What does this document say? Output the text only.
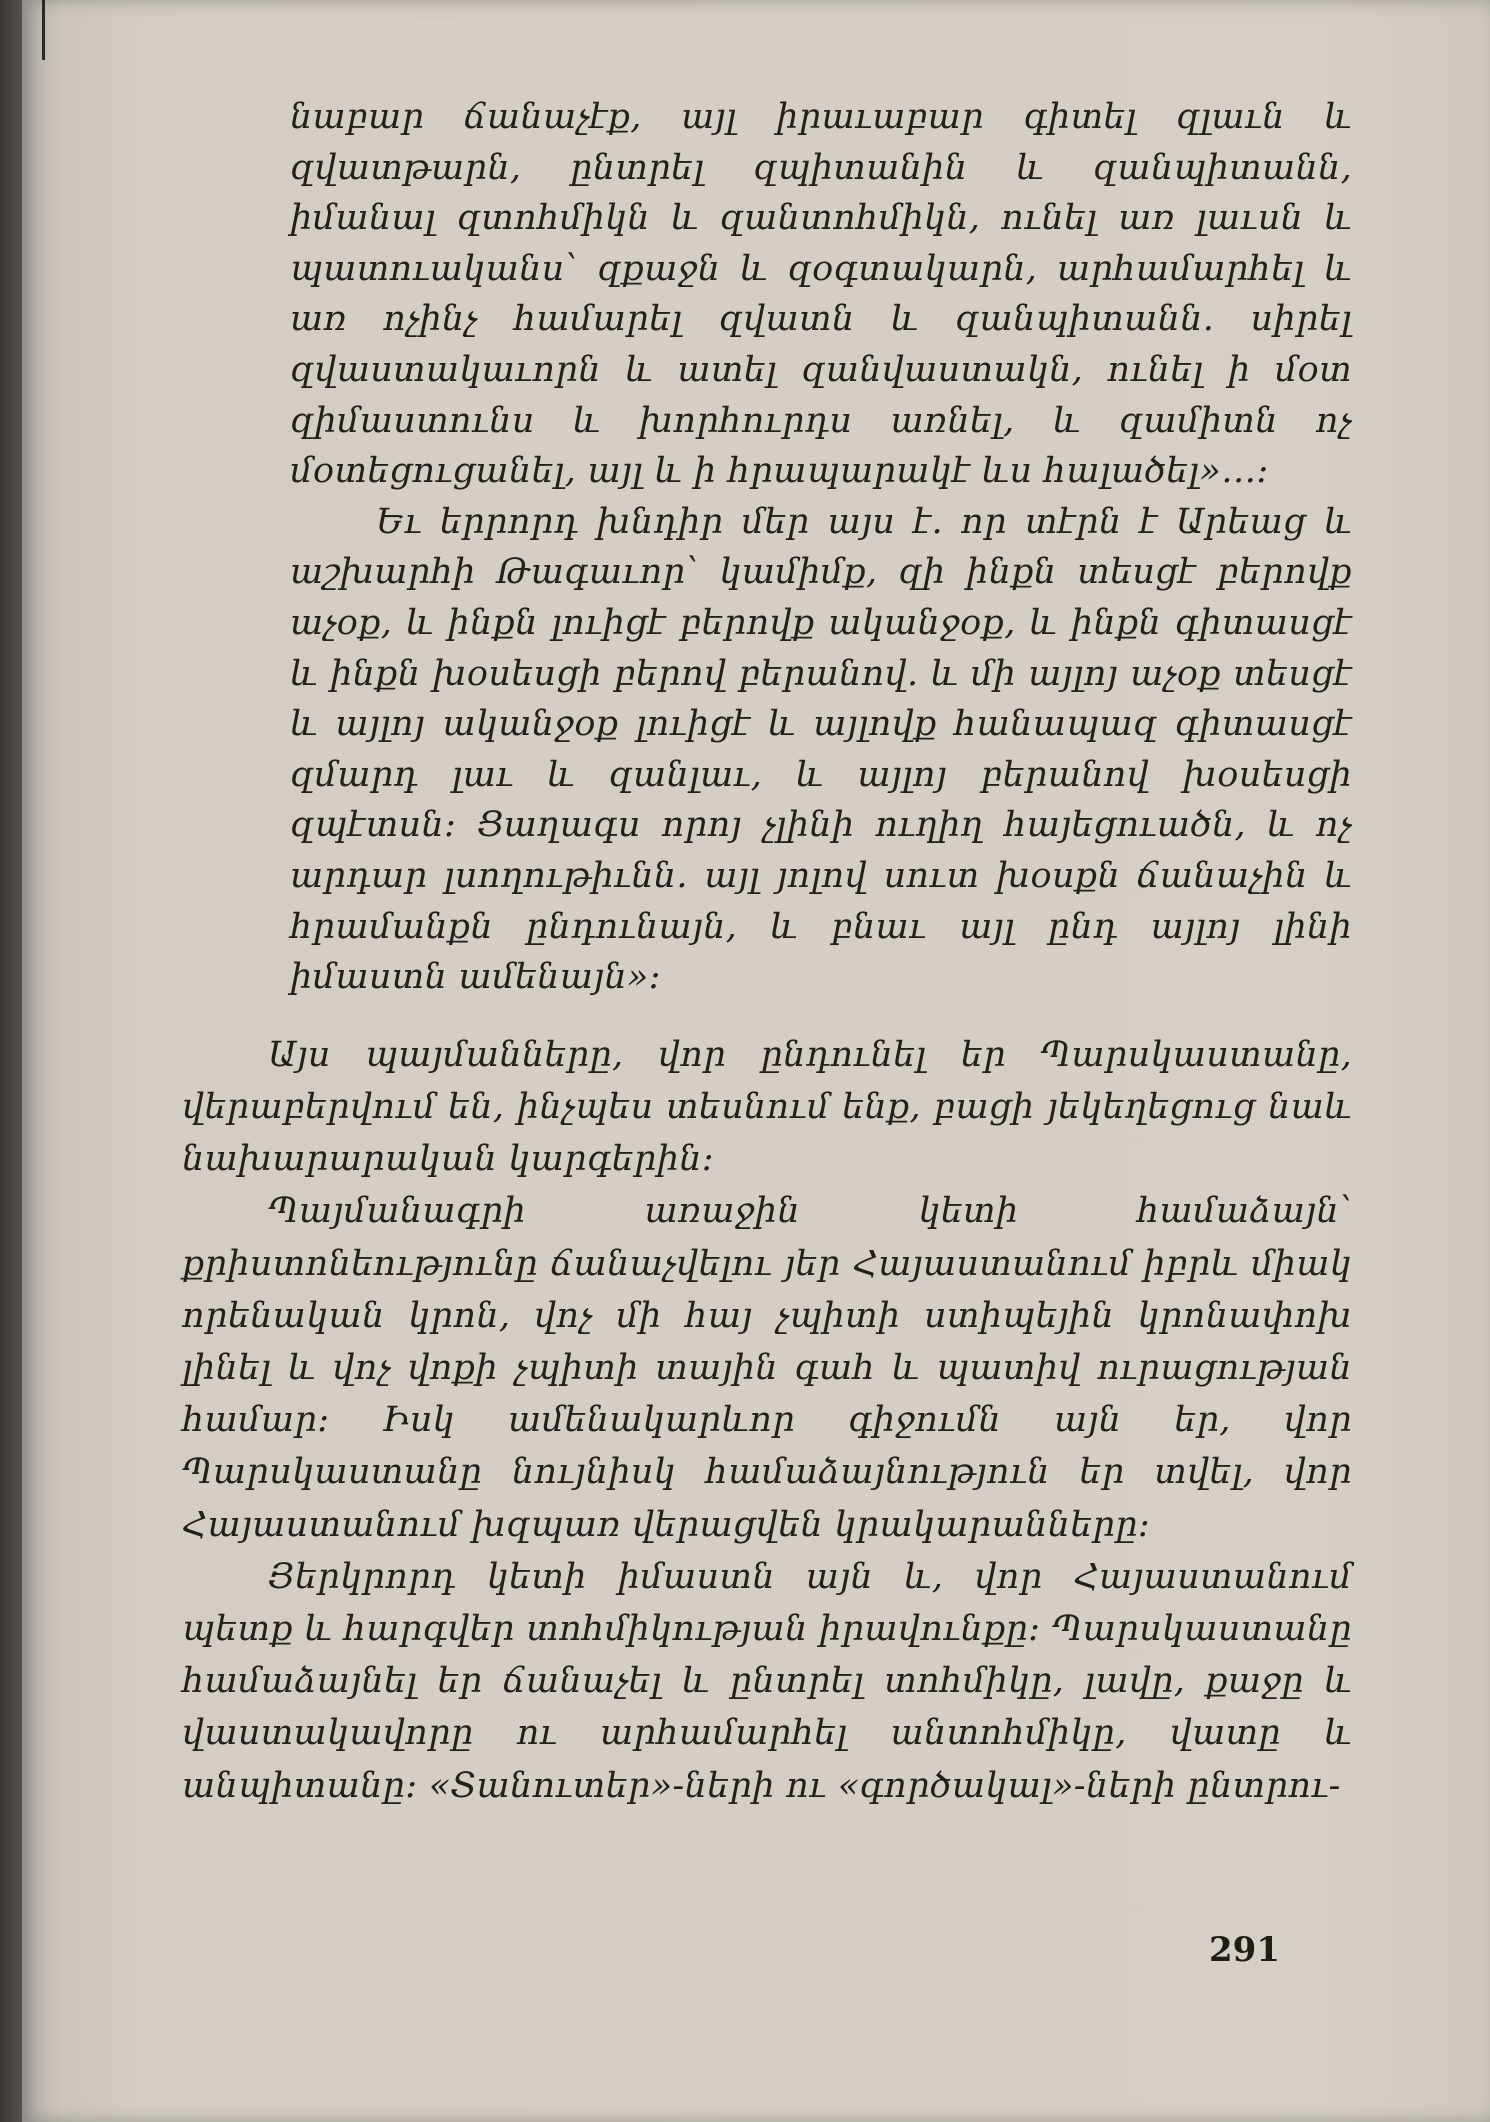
նաբար ճանաչէք, այլ իրաւաբար գիտել զլաւն և զվատթարն, ընտրել զպիտանին և զանպիտանն, իմանալ զտոհմիկն և զանտոհմիկն, ունել առ լաւսն և պատուականս՝ զքաջն և զօգտակարն, արհամարհել և առ ոչինչ համարել զվատն և զանպիտանն. սիրել զվաստակաւորն և ատել զանվաստակն, ունել ի մօտ զիմաստունս և խորհուրդս առնել, և զամիտն ոչ մօտեցուցանել, այլ և ի հրապարակէ ևս հալածել»…։

Եւ երրորդ խնդիր մեր այս է. որ տէրն է Արեաց և աշխարհի Թագաւոր՝ կամիմք, զի ինքն տեսցէ բերովք աչօք, և ինքն լուիցէ բերովք ականջօք, և ինքն գիտասցէ և ինքն խօսեսցի բերով բերանով. և մի այլոյ աչօք տեսցէ և այլոյ ականջօք լուիցէ և այլովք հանապազ գիտասցէ զմարդ լաւ և զանլաւ, և այլոյ բերանով խօսեսցի զպէտսն։ Ցաղագս որոյ չլինի ուղիղ հայեցուածն, և ոչ արդար լսողութիւնն. այլ յոլով սուտ խօսքն ճանաչին և հրամանքն ընդունայն, և բնաւ այլ ընդ այլոյ լինի իմաստն ամենայն»։

Այս պայմանները, վոր ընդունել եր Պարսկաստանը, վերաբերվում են, ինչպես տեսնում ենք, բացի յեկեղեցուց նաև նախարարական կարգերին։

Պայմանագրի առաջին կետի համաձայն՝ քրիստոնեությունը ճանաչվելու յեր Հայաստանում իբրև միակ որենական կրոն, վոչ մի հայ չպիտի ստիպեյին կրոնափոխ լինել և վոչ վոքի չպիտի տային գահ և պատիվ ուրացության համար։ Իսկ ամենակարևոր գիջումն այն եր, վոր Պարսկաստանը նույնիսկ համաձայնություն եր տվել, վոր Հայաստանում խզպառ վերացվեն կրակարանները։

Յերկրորդ կետի իմաստն այն և, վոր Հայաստանում պետք և հարգվեր տոհմիկության իրավունքը։ Պարսկաստանը համաձայնել եր ճանաչել և ընտրել տոհմիկը, լավը, քաջը և վաստակավորը ու արհամարհել անտոհմիկը, վատը և անպիտանը։ «Տանուտեր»-ների ու «գործակալ»-ների ընտրու-

291
